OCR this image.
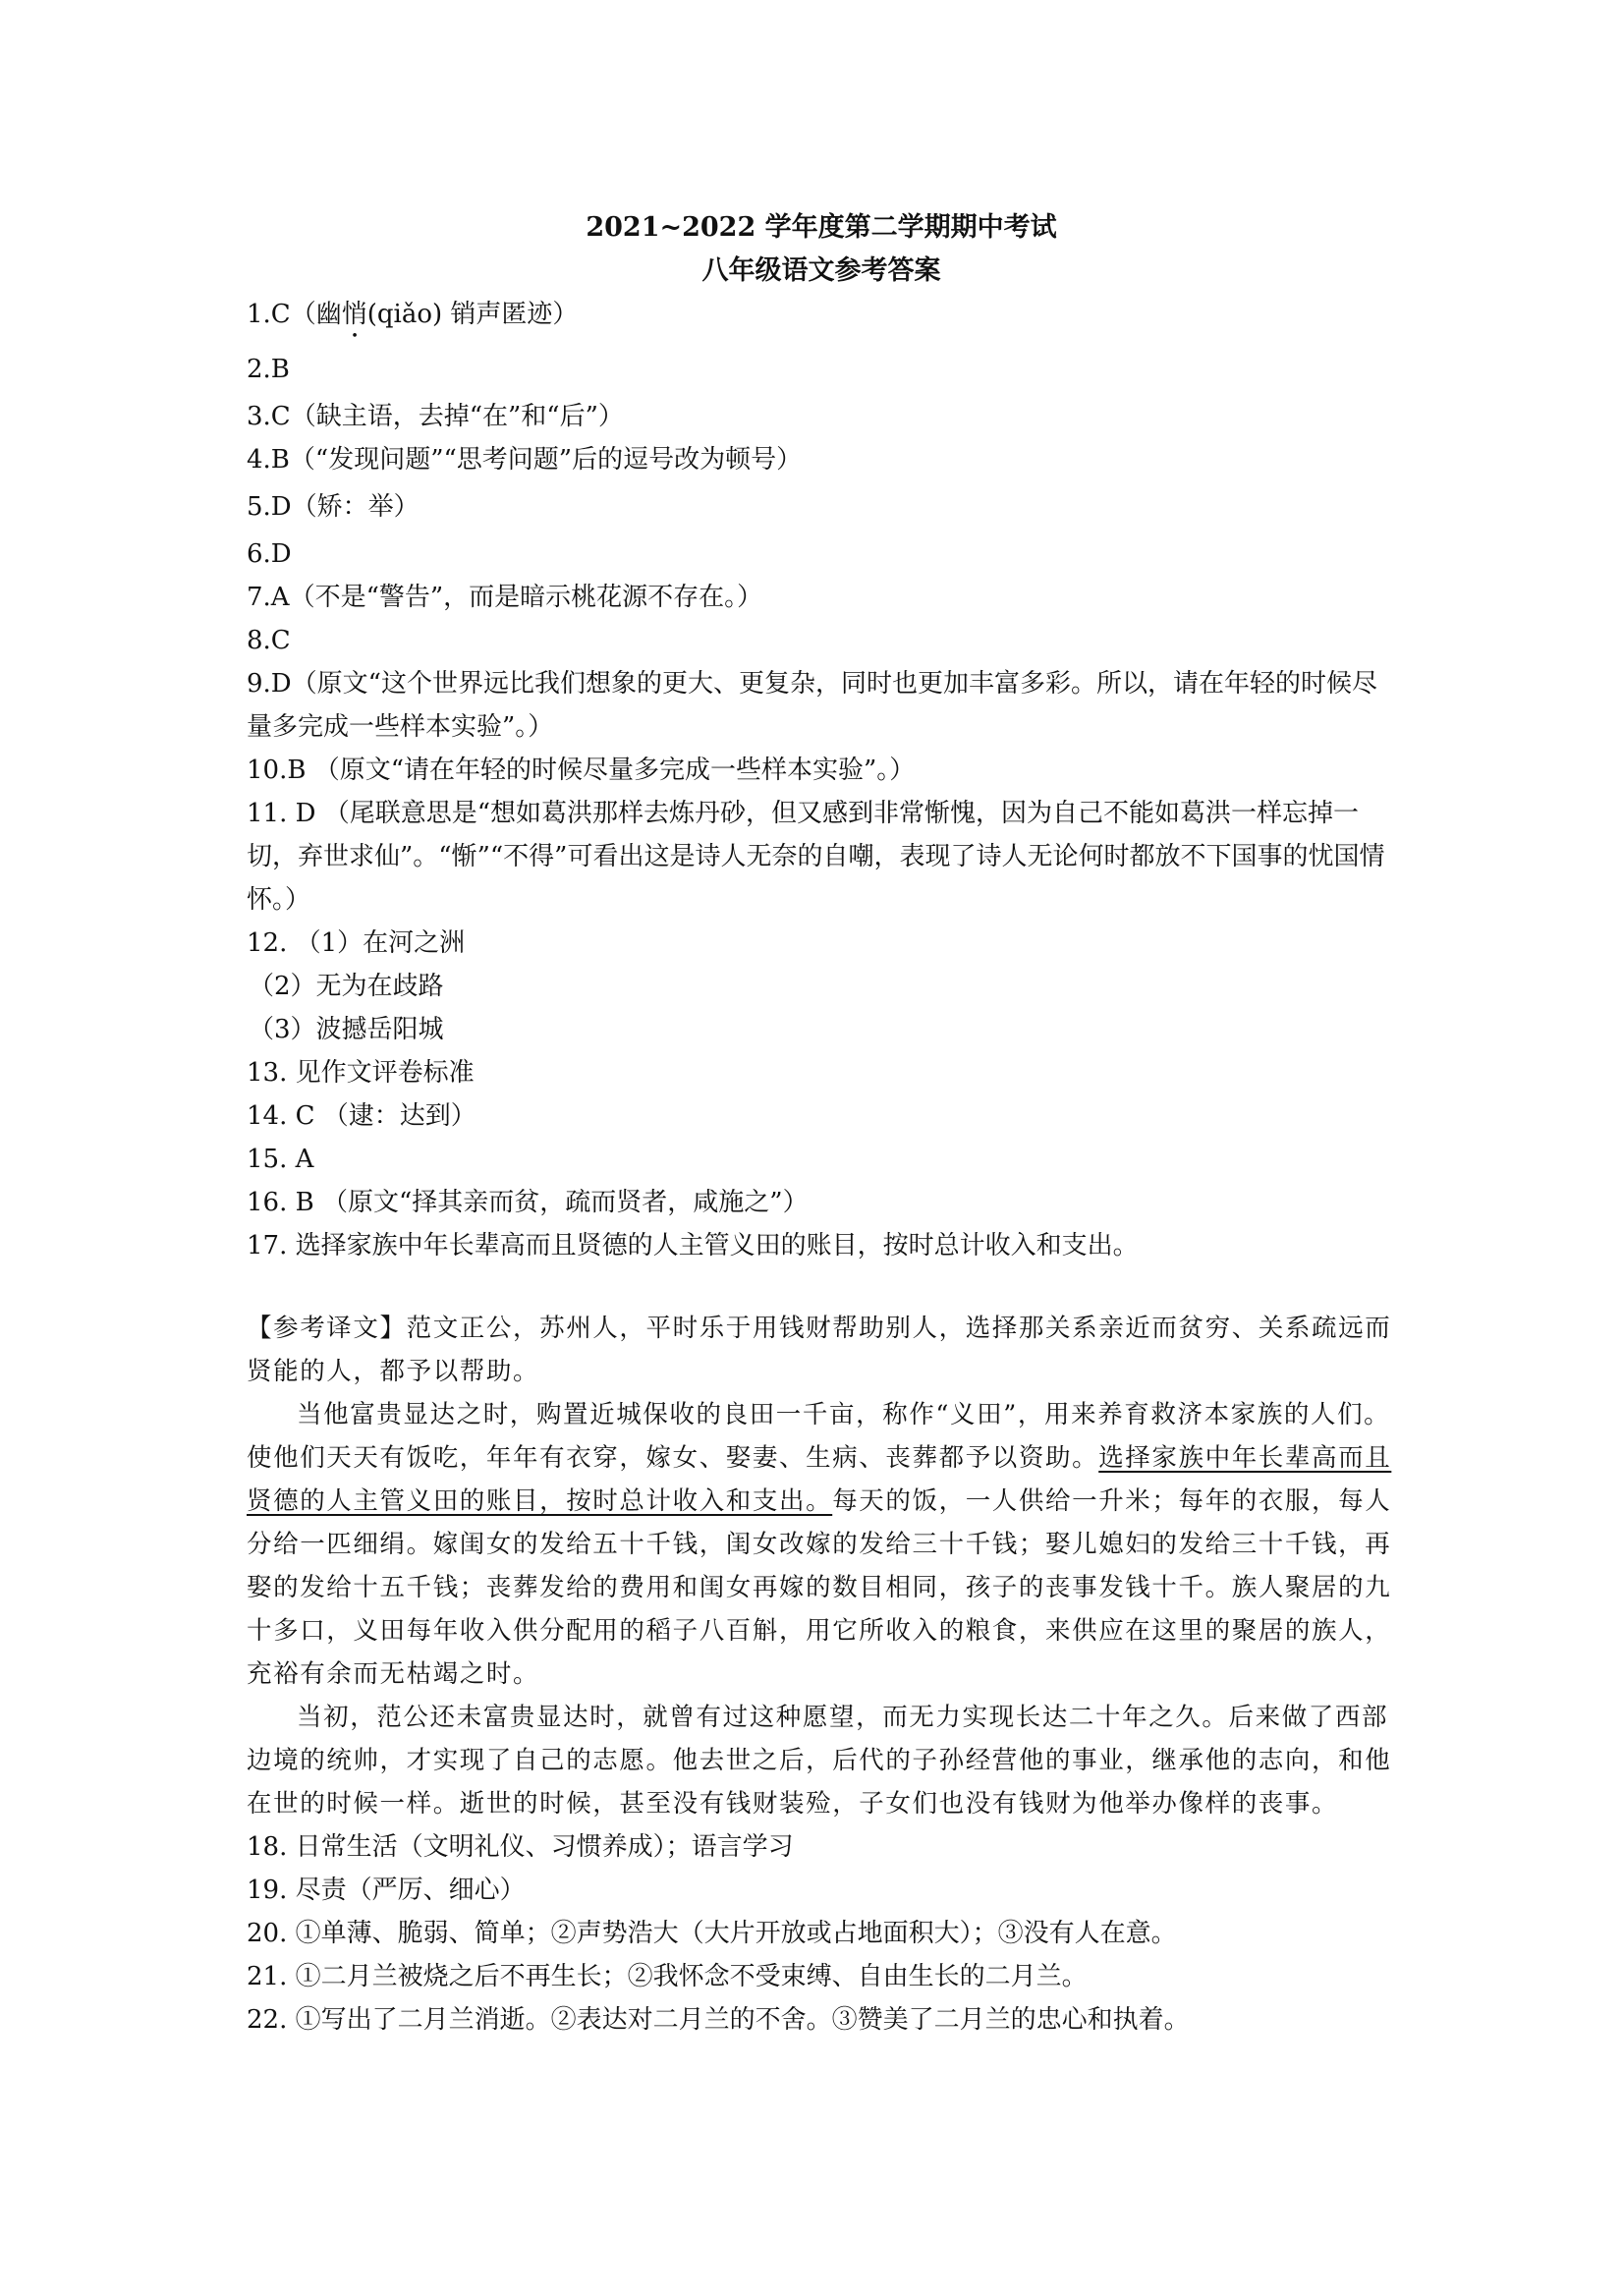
2021~2022 学年度第二学期期中考试

八年级语文参考答案

1.C（幽悄(qiǎo) 销声匿迹）

2.B

3.C（缺主语，去掉“在”和“后”）

4.B（“发现问题”“思考问题”后的逗号改为顿号）

5.D（矫：举）

6.D

7.A（不是“警告”，而是暗示桃花源不存在。）

8.C

9.D（原文“这个世界远比我们想象的更大、更复杂，同时也更加丰富多彩。所以，请在年轻的时候尽量多完成一些样本实验”。）

10.B （原文“请在年轻的时候尽量多完成一些样本实验”。）

11. D （尾联意思是“想如葛洪那样去炼丹砂，但又感到非常惭愧，因为自己不能如葛洪一样忘掉一切，弃世求仙”。“惭”“不得”可看出这是诗人无奈的自嘲，表现了诗人无论何时都放不下国事的忧国情怀。）

12. （1）在河之洲

（2）无为在歧路

（3）波撼岳阳城

13. 见作文评卷标准

14. C （逮：达到）

15. A

16. B （原文“择其亲而贫，疏而贤者，咸施之”）

17. 选择家族中年长辈高而且贤德的人主管义田的账目，按时总计收入和支出。

【参考译文】范文正公，苏州人，平时乐于用钱财帮助别人，选择那关系亲近而贫穷、关系疏远而贤能的人，都予以帮助。

当他富贵显达之时，购置近城保收的良田一千亩，称作“义田”，用来养育救济本家族的人们。使他们天天有饭吃，年年有衣穿，嫁女、娶妻、生病、丧葬都予以资助。选择家族中年长辈高而且贤德的人主管义田的账目，按时总计收入和支出。每天的饭，一人供给一升米；每年的衣服，每人分给一匹细绢。嫁闺女的发给五十千钱，闺女改嫁的发给三十千钱；娶儿媳妇的发给三十千钱，再娶的发给十五千钱；丧葬发给的费用和闺女再嫁的数目相同，孩子的丧事发钱十千。族人聚居的九十多口，义田每年收入供分配用的稻子八百斛，用它所收入的粮食，来供应在这里的聚居的族人，充裕有余而无枯竭之时。

当初，范公还未富贵显达时，就曾有过这种愿望，而无力实现长达二十年之久。后来做了西部边境的统帅，才实现了自己的志愿。他去世之后，后代的子孙经营他的事业，继承他的志向，和他在世的时候一样。逝世的时候，甚至没有钱财装殓，子女们也没有钱财为他举办像样的丧事。

18. 日常生活（文明礼仪、习惯养成）；语言学习

19. 尽责（严厉、细心）

20. ①单薄、脆弱、简单；②声势浩大（大片开放或占地面积大）；③没有人在意。

21. ①二月兰被烧之后不再生长；②我怀念不受束缚、自由生长的二月兰。

22. ①写出了二月兰消逝。②表达对二月兰的不舍。③赞美了二月兰的忠心和执着。
